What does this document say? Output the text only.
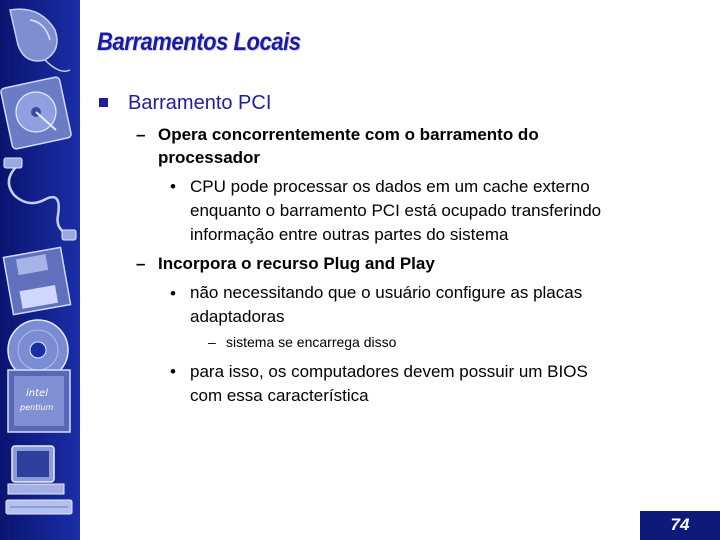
intel
pentium
Barramentos Locais
Barramento PCI
– Opera concorrentemente com o barramento do
processador
• CPU pode processar os dados em um cache externo
enquanto o barramento PCI está ocupado transferindo
informação entre outras partes do sistema
– Incorpora o recurso Plug and Play
• não necessitando que o usuário configure as placas
adaptadoras
– sistema se encarrega disso
• para isso, os computadores devem possuir um BIOS
com essa característica
74
